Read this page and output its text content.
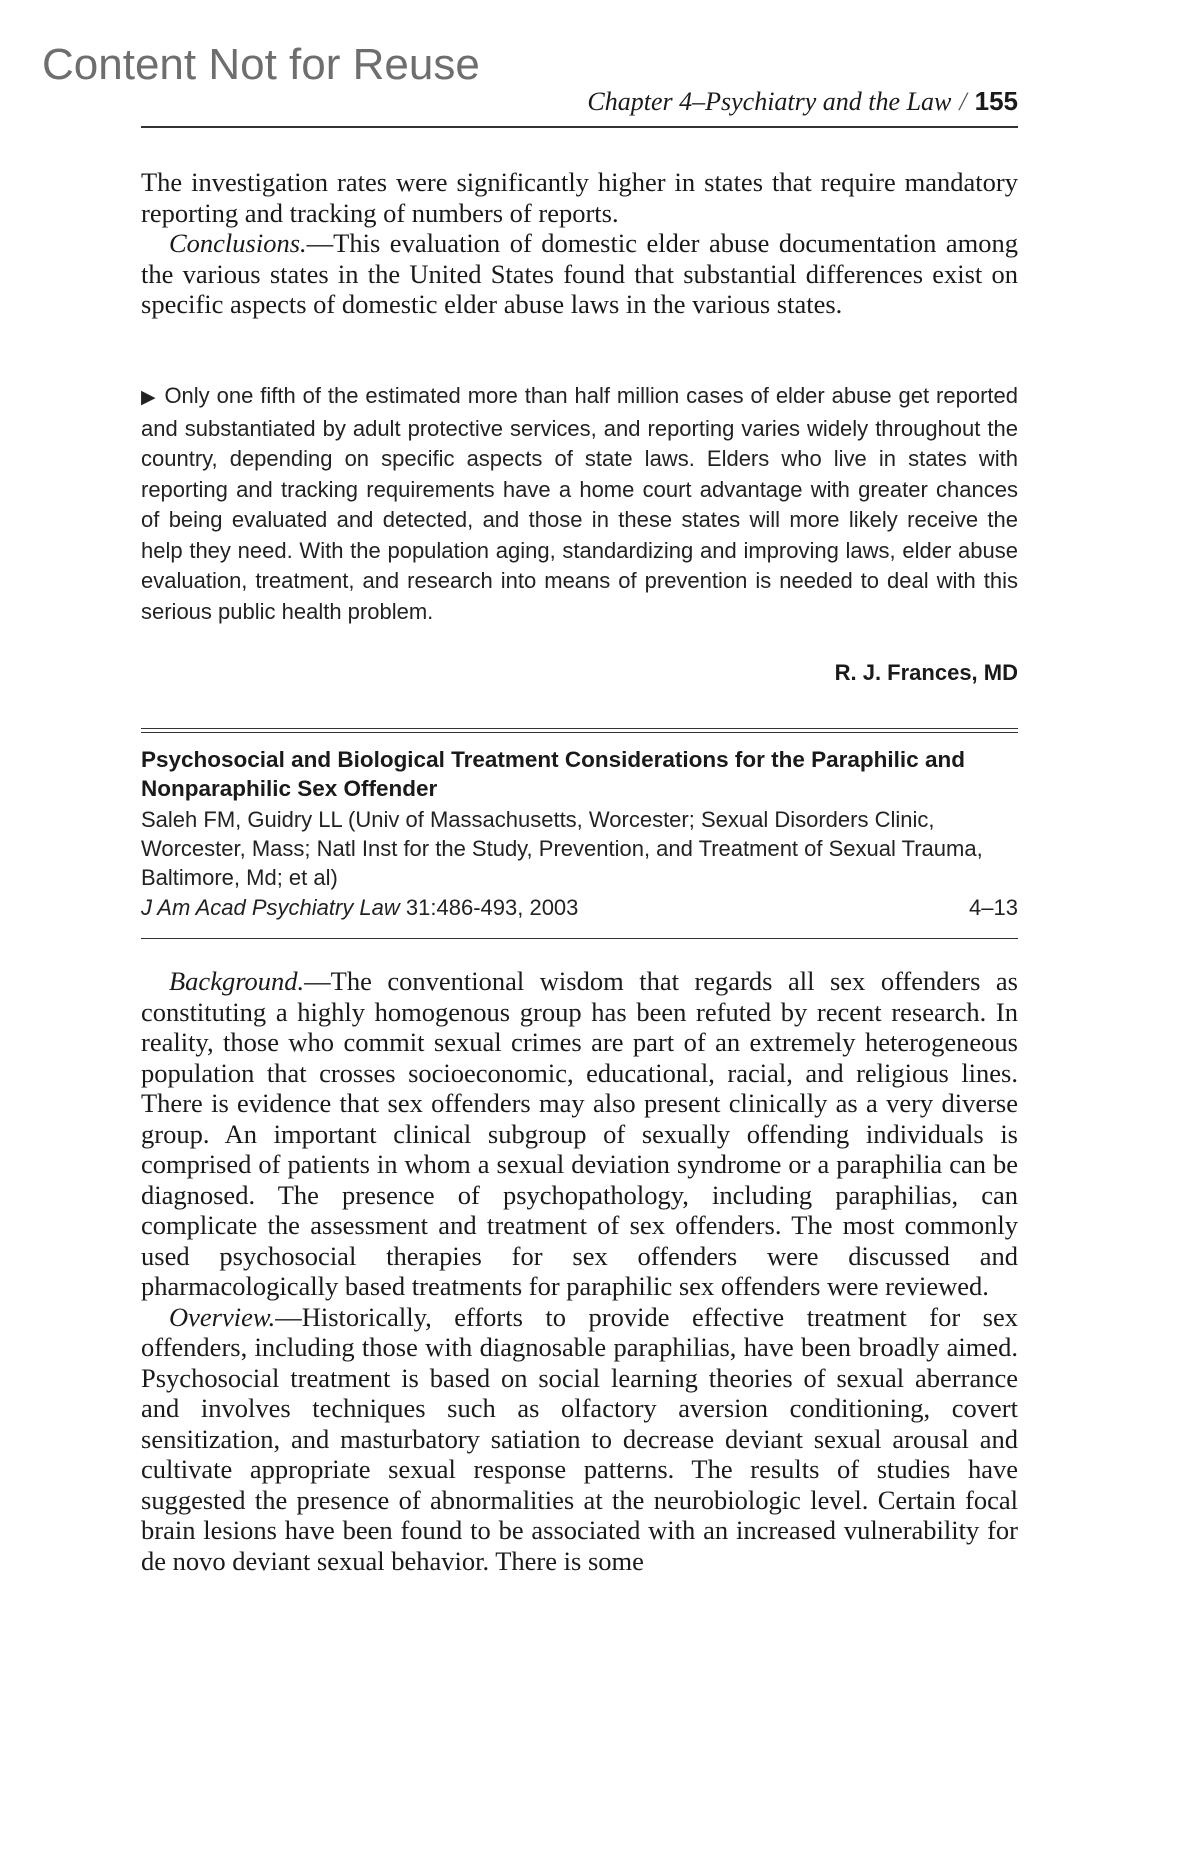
Content Not for Reuse
Chapter 4–Psychiatry and the Law / 155
The investigation rates were significantly higher in states that require mandatory reporting and tracking of numbers of reports.
Conclusions.—This evaluation of domestic elder abuse documentation among the various states in the United States found that substantial differences exist on specific aspects of domestic elder abuse laws in the various states.

▶ Only one fifth of the estimated more than half million cases of elder abuse get reported and substantiated by adult protective services, and reporting varies widely throughout the country, depending on specific aspects of state laws. Elders who live in states with reporting and tracking requirements have a home court advantage with greater chances of being evaluated and detected, and those in these states will more likely receive the help they need. With the population aging, standardizing and improving laws, elder abuse evaluation, treatment, and research into means of prevention is needed to deal with this serious public health problem.

R. J. Frances, MD

Psychosocial and Biological Treatment Considerations for the Paraphilic and Nonparaphilic Sex Offender

Saleh FM, Guidry LL (Univ of Massachusetts, Worcester; Sexual Disorders Clinic, Worcester, Mass; Natl Inst for the Study, Prevention, and Treatment of Sexual Trauma, Baltimore, Md; et al)

J Am Acad Psychiatry Law 31:486-493, 2003	4–13
Background.—The conventional wisdom that regards all sex offenders as constituting a highly homogenous group has been refuted by recent research. In reality, those who commit sexual crimes are part of an extremely heterogeneous population that crosses socioeconomic, educational, racial, and religious lines. There is evidence that sex offenders may also present clinically as a very diverse group. An important clinical subgroup of sexually offending individuals is comprised of patients in whom a sexual deviation syndrome or a paraphilia can be diagnosed. The presence of psychopathology, including paraphilias, can complicate the assessment and treatment of sex offenders. The most commonly used psychosocial therapies for sex offenders were discussed and pharmacologically based treatments for paraphilic sex offenders were reviewed.
Overview.—Historically, efforts to provide effective treatment for sex offenders, including those with diagnosable paraphilias, have been broadly aimed. Psychosocial treatment is based on social learning theories of sexual aberrance and involves techniques such as olfactory aversion conditioning, covert sensitization, and masturbatory satiation to decrease deviant sexual arousal and cultivate appropriate sexual response patterns. The results of studies have suggested the presence of abnormalities at the neurobiologic level. Certain focal brain lesions have been found to be associated with an increased vulnerability for de novo deviant sexual behavior. There is some
